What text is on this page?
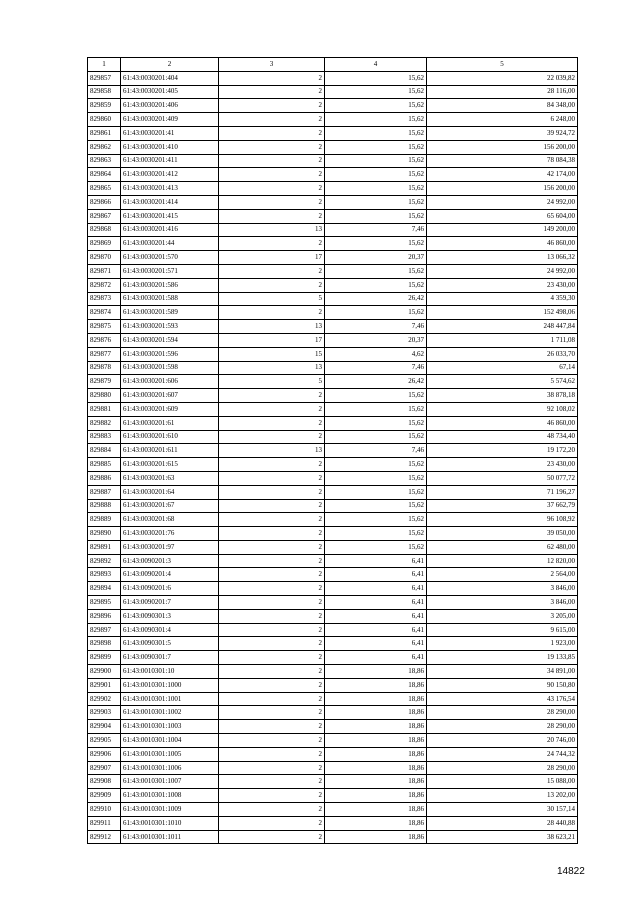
1	2	3	4	5
829857	61:43:0030201:404	2	15,62	22 039,82
829858	61:43:0030201:405	2	15,62	28 116,00
829859	61:43:0030201:406	2	15,62	84 348,00
829860	61:43:0030201:409	2	15,62	6 248,00
829861	61:43:0030201:41	2	15,62	39 924,72
829862	61:43:0030201:410	2	15,62	156 200,00
829863	61:43:0030201:411	2	15,62	78 084,38
829864	61:43:0030201:412	2	15,62	42 174,00
829865	61:43:0030201:413	2	15,62	156 200,00
829866	61:43:0030201:414	2	15,62	24 992,00
829867	61:43:0030201:415	2	15,62	65 604,00
829868	61:43:0030201:416	13	7,46	149 200,00
829869	61:43:0030201:44	2	15,62	46 860,00
829870	61:43:0030201:570	17	20,37	13 066,32
829871	61:43:0030201:571	2	15,62	24 992,00
829872	61:43:0030201:586	2	15,62	23 430,00
829873	61:43:0030201:588	5	26,42	4 359,30
829874	61:43:0030201:589	2	15,62	152 498,06
829875	61:43:0030201:593	13	7,46	248 447,84
829876	61:43:0030201:594	17	20,37	1 711,08
829877	61:43:0030201:596	15	4,62	26 033,70
829878	61:43:0030201:598	13	7,46	67,14
829879	61:43:0030201:606	5	26,42	5 574,62
829880	61:43:0030201:607	2	15,62	38 878,18
829881	61:43:0030201:609	2	15,62	92 108,02
829882	61:43:0030201:61	2	15,62	46 860,00
829883	61:43:0030201:610	2	15,62	48 734,40
829884	61:43:0030201:611	13	7,46	19 172,20
829885	61:43:0030201:615	2	15,62	23 430,00
829886	61:43:0030201:63	2	15,62	50 077,72
829887	61:43:0030201:64	2	15,62	71 196,27
829888	61:43:0030201:67	2	15,62	37 662,79
829889	61:43:0030201:68	2	15,62	96 108,92
829890	61:43:0030201:76	2	15,62	39 050,00
829891	61:43:0030201:97	2	15,62	62 480,00
829892	61:43:0090201:3	2	6,41	12 820,00
829893	61:43:0090201:4	2	6,41	2 564,00
829894	61:43:0090201:6	2	6,41	3 846,00
829895	61:43:0090201:7	2	6,41	3 846,00
829896	61:43:0090301:3	2	6,41	3 205,00
829897	61:43:0090301:4	2	6,41	9 615,00
829898	61:43:0090301:5	2	6,41	1 923,00
829899	61:43:0090301:7	2	6,41	19 133,85
829900	61:43:0010301:10	2	18,86	34 891,00
829901	61:43:0010301:1000	2	18,86	90 150,80
829902	61:43:0010301:1001	2	18,86	43 176,54
829903	61:43:0010301:1002	2	18,86	28 290,00
829904	61:43:0010301:1003	2	18,86	28 290,00
829905	61:43:0010301:1004	2	18,86	20 746,00
829906	61:43:0010301:1005	2	18,86	24 744,32
829907	61:43:0010301:1006	2	18,86	28 290,00
829908	61:43:0010301:1007	2	18,86	15 088,00
829909	61:43:0010301:1008	2	18,86	13 202,00
829910	61:43:0010301:1009	2	18,86	30 157,14
829911	61:43:0010301:1010	2	18,86	28 440,88
829912	61:43:0010301:1011	2	18,86	38 623,21
14822
